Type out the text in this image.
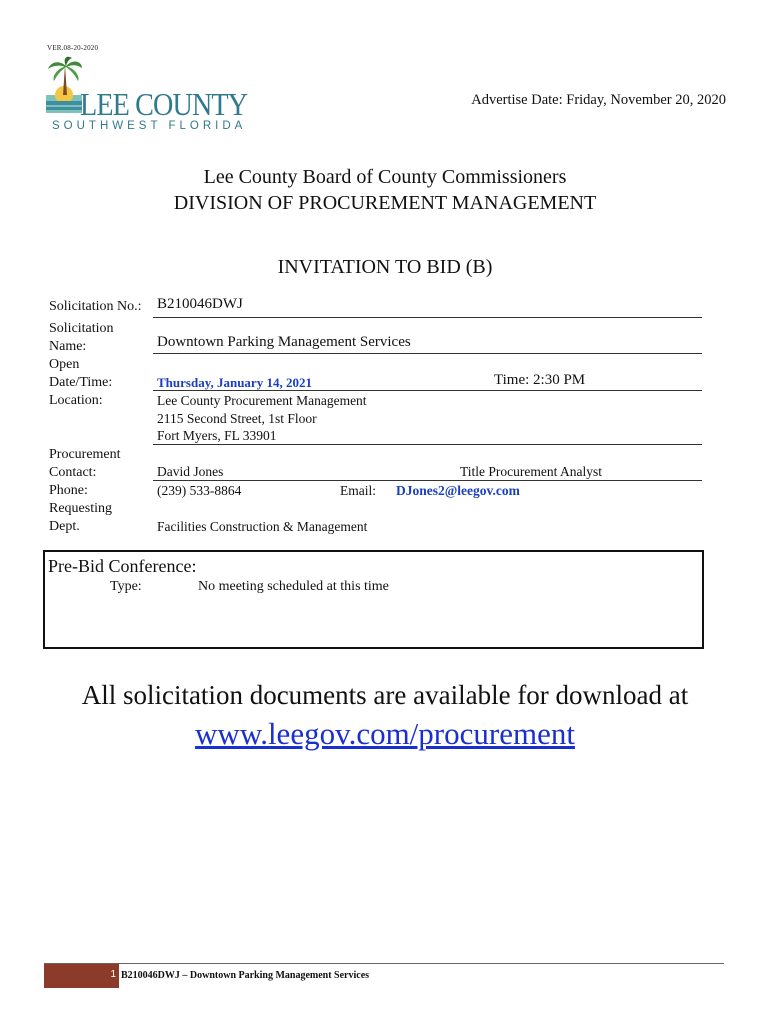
VER.08-20-2020
LEE COUNTY
SOUTHWEST FLORIDA
Advertise Date: Friday, November 20, 2020
Lee County Board of County Commissioners
DIVISION OF PROCUREMENT MANAGEMENT
INVITATION TO BID (B)
Solicitation No.: B210046DWJ
Solicitation
Name:	Downtown Parking Management Services
Open
Date/Time:	Thursday, January 14, 2021	Time: 2:30 PM
Location:	Lee County Procurement Management
2115 Second Street, 1st Floor
Fort Myers, FL 33901
Procurement
Contact:	David Jones	Title Procurement Analyst
Phone:	(239) 533-8864	Email: DJones2@leegov.com
Requesting
Dept.	Facilities Construction & Management
Pre-Bid Conference:
Type:	No meeting scheduled at this time
All solicitation documents are available for download at
www.leegov.com/procurement
1 B210046DWJ – Downtown Parking Management Services
